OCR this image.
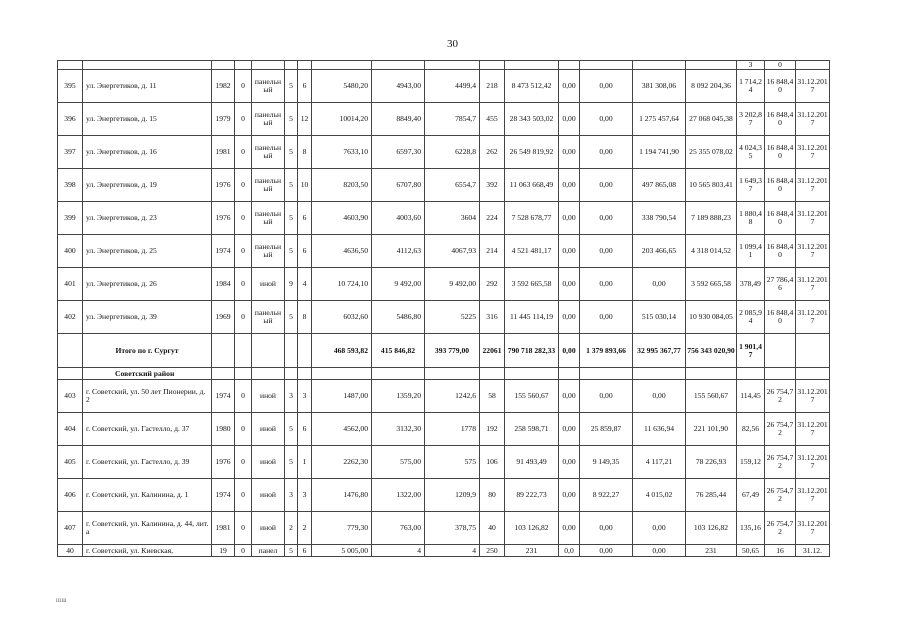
30
																3	0	
395	ул. Энергетиков, д. 11	1982	0	панельный	5	6	5480,20	4943,00	4499,4	218	8 473 512,42	0,00	0,00	381 308,06	8 092 204,36	1 714,24	16 848,40	31.12.2017
396	ул. Энергетиков, д. 15	1979	0	панельный	5	12	10014,20	8849,40	7854,7	455	28 343 503,02	0,00	0,00	1 275 457,64	27 068 045,38	3 202,87	16 848,40	31.12.2017
397	ул. Энергетиков, д. 16	1981	0	панельный	5	8	7633,10	6597,30	6228,8	262	26 549 819,92	0,00	0,00	1 194 741,90	25 355 078,02	4 024,35	16 848,40	31.12.2017
398	ул. Энергетиков, д. 19	1976	0	панельный	5	10	8203,50	6707,80	6554,7	392	11 063 668,49	0,00	0,00	497 865,08	10 565 803,41	1 649,37	16 848,40	31.12.2017
399	ул. Энергетиков, д. 23	1976	0	панельный	5	6	4603,90	4003,60	3604	224	7 528 678,77	0,00	0,00	338 790,54	7 189 888,23	1 880,48	16 848,40	31.12.2017
400	ул. Энергетиков, д. 25	1974	0	панельный	5	6	4636,50	4112,63	4067,93	214	4 521 481,17	0,00	0,00	203 466,65	4 318 014,52	1 099,41	16 848,40	31.12.2017
401	ул. Энергетиков, д. 26	1984	0	иной	9	4	10 724,10	9 492,00	9 492,00	292	3 592 665,58	0,00	0,00	0,00	3 592 665,58	378,49	27 786,46	31.12.2017
402	ул. Энергетиков, д. 39	1969	0	панельный	5	8	6032,60	5486,80	5225	316	11 445 114,19	0,00	0,00	515 030,14	10 930 084,05	2 085,94	16 848,40	31.12.2017
	Итого по г. Сургут						468 593,82	415 846,82	393 779,00	22061	790 718 282,33	0,00	1 379 893,66	32 995 367,77	756 343 020,90	1 901,47		
	Советский район																	
403	г. Советский, ул. 50 лет Пионерии, д. 2	1974	0	иной	3	3	1487,00	1359,20	1242,6	58	155 560,67	0,00	0,00	0,00	155 560,67	114,45	26 754,72	31.12.2017
404	г. Советский, ул. Гастелло, д. 37	1980	0	иной	5	6	4562,00	3132,30	1778	192	258 598,71	0,00	25 859,87	11 636,94	221 101,90	82,56	26 754,72	31.12.2017
405	г. Советский, ул. Гастелло, д. 39	1976	0	иной	5	1	2262,30	575,00	575	106	91 493,49	0,00	9 149,35	4 117,21	78 226,93	159,12	26 754,72	31.12.2017
406	г. Советский, ул. Калинина, д. 1	1974	0	иной	3	3	1476,80	1322,00	1209,9	80	89 222,73	0,00	8 922,27	4 015,02	76 285,44	67,49	26 754,72	31.12.2017
407	г. Советский, ул. Калинина, д. 44, лит. а	1981	0	иной	2	2	779,30	763,00	378,75	40	103 126,82	0,00	0,00	0,00	103 126,82	135,16	26 754,72	31.12.2017
40	г. Советский, ул. Киевская,	19	0	панел	5	6	5 005,00	4	4	250	231	0,0	0,00	0,00	231	50,65	16	31.12.
ШШ
